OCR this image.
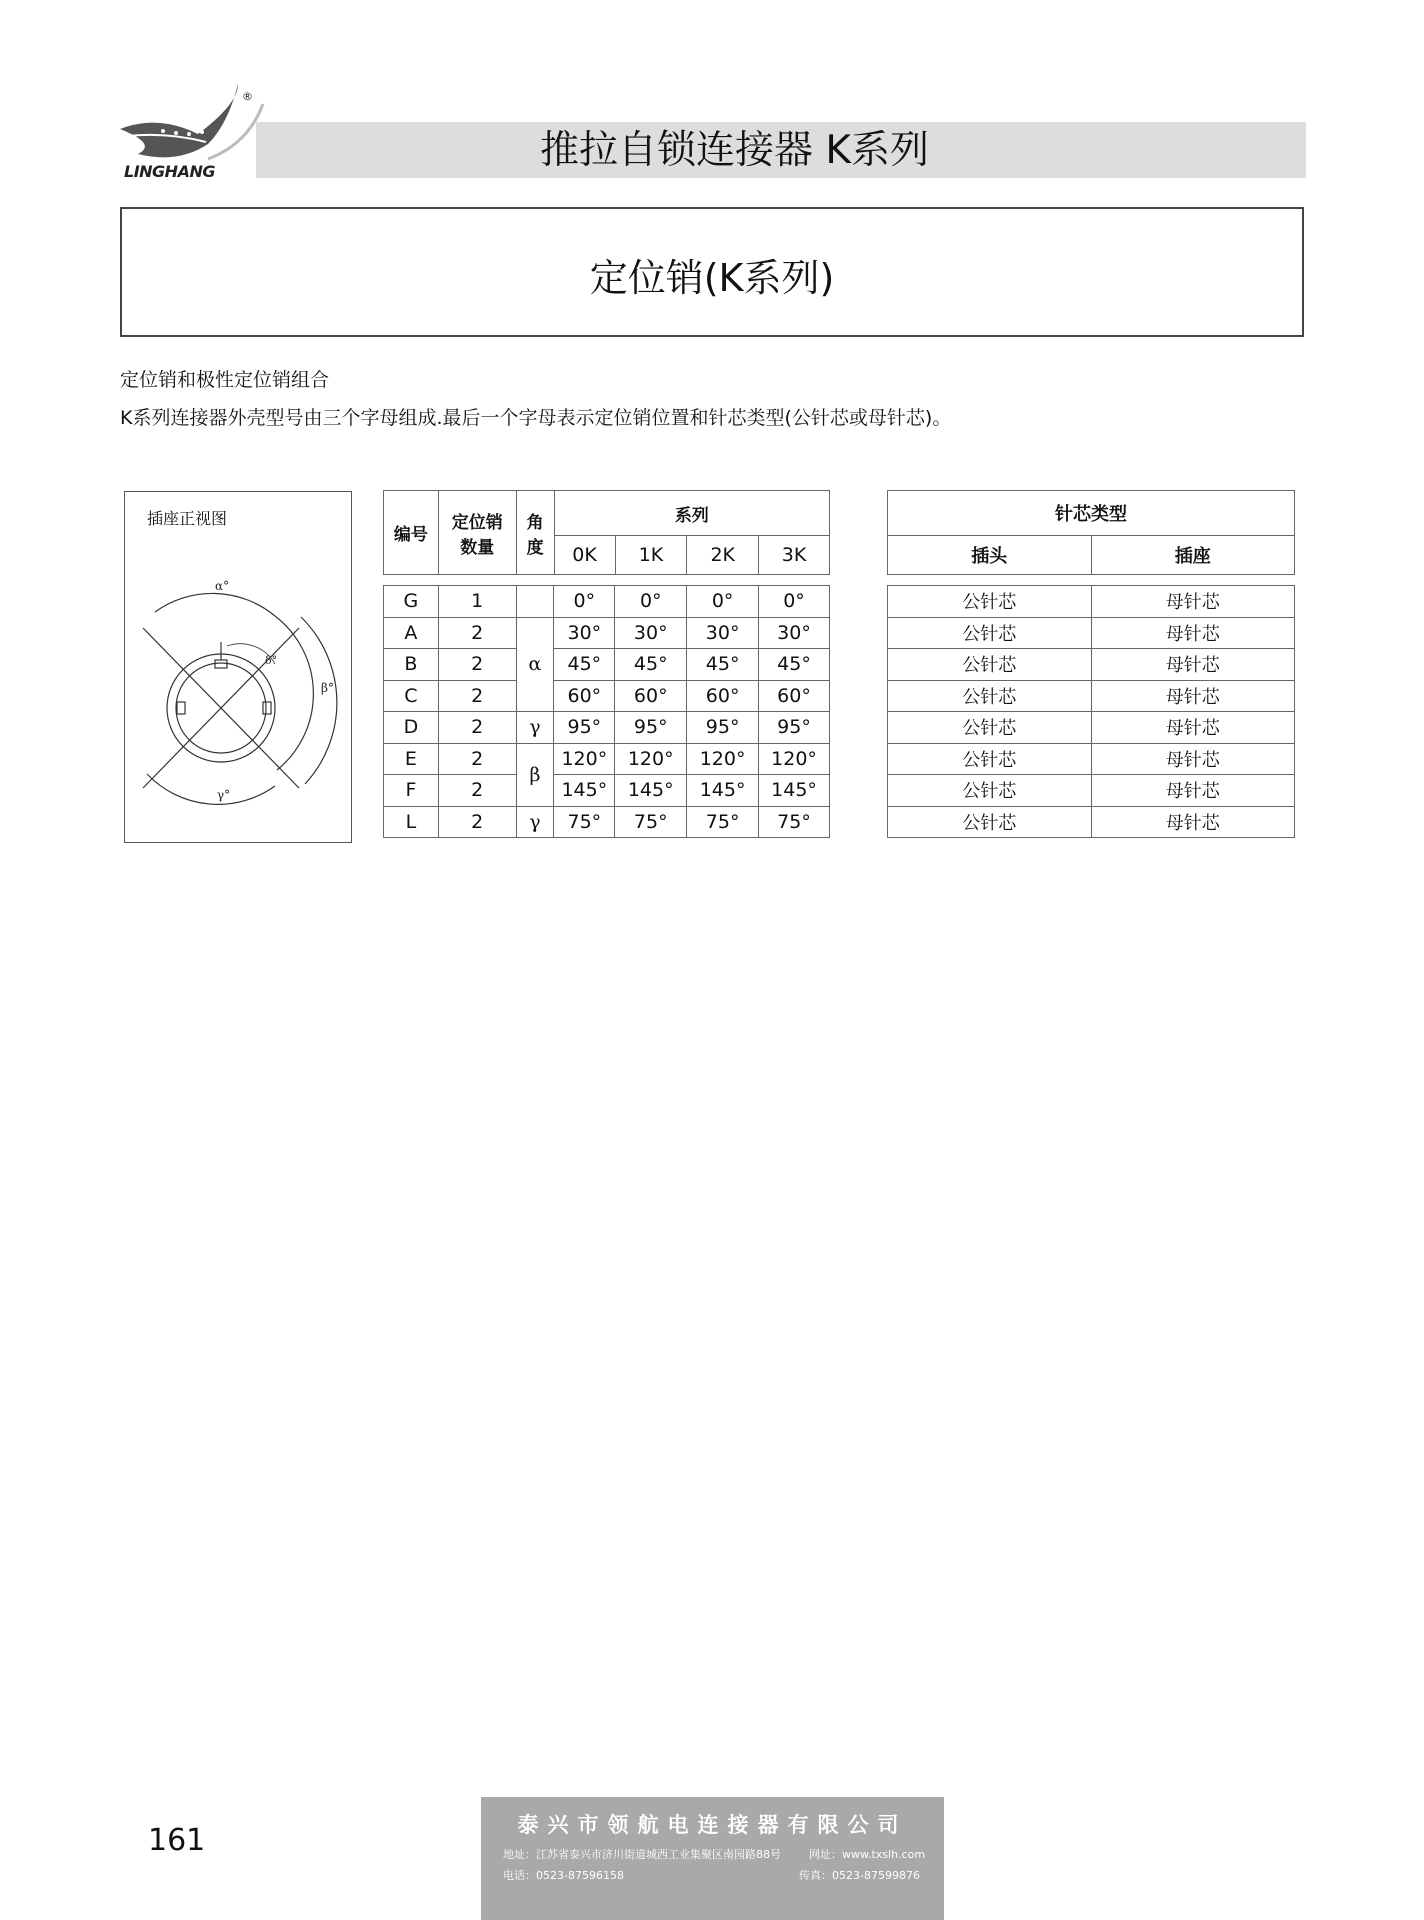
LINGHANG
®
推拉自锁连接器 K系列
定位销(K系列)
定位销和极性定位销组合
K系列连接器外壳型号由三个字母组成.最后一个字母表示定位销位置和针芯类型(公针芯或母针芯)。
插座正视图
α°
β°
γ°
δ°
编号	定位销数量	角度	系列			
			0K	1K	2K	3K
G	1		0°	0°	0°	0°
A	2	α	30°	30°	30°	30°
B	2		45°	45°	45°	45°
C	2		60°	60°	60°	60°
D	2	γ	95°	95°	95°	95°
E	2	β	120°	120°	120°	120°
F	2		145°	145°	145°	145°
L	2	γ	75°	75°	75°	75°
针芯类型
插头	插座
公针芯	母针芯
公针芯	母针芯
公针芯	母针芯
公针芯	母针芯
公针芯	母针芯
公针芯	母针芯
公针芯	母针芯
公针芯	母针芯
161	泰兴市领航电连接器有限公司
地址：江苏省泰兴市济川街道城西工业集聚区南园路88号	网址：www.txslh.com
电话：0523-87596158	传真：0523-87599876
